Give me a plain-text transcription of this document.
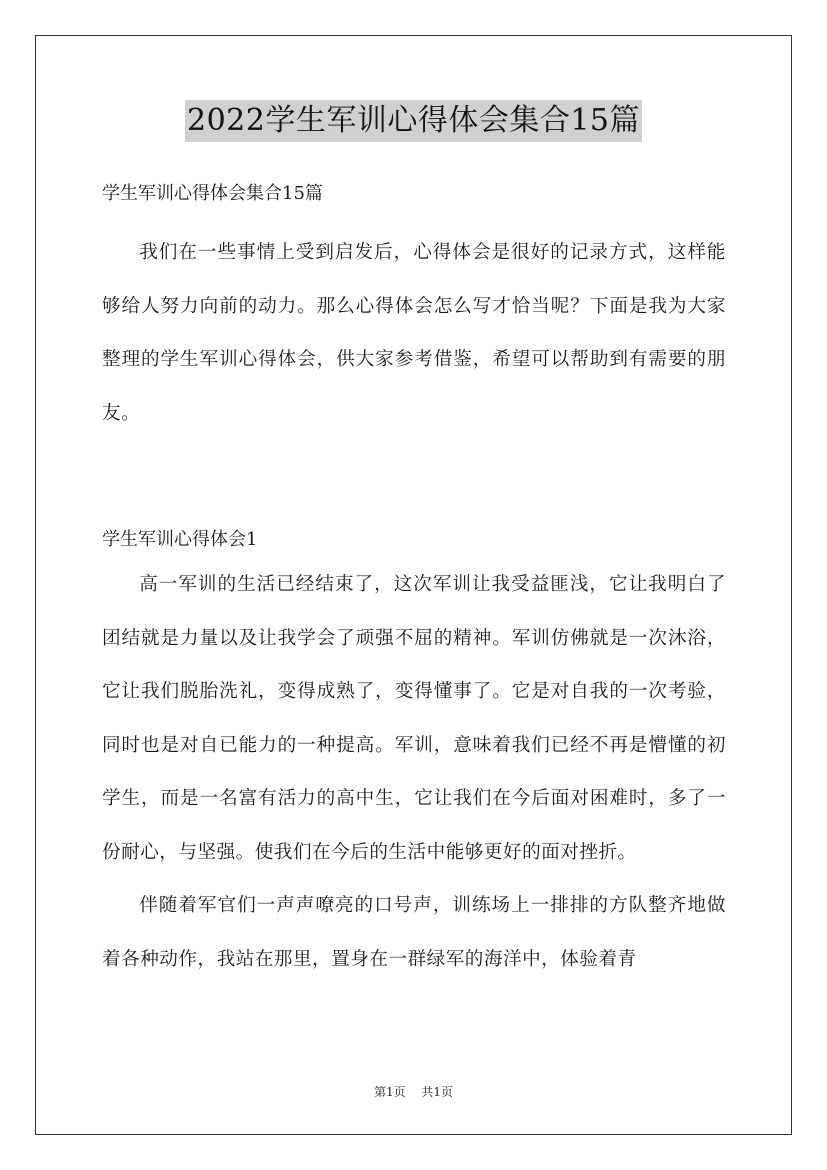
2022学生军训心得体会集合15篇

学生军训心得体会集合15篇

我们在一些事情上受到启发后，心得体会是很好的记录方式，这样能够给人努力向前的动力。那么心得体会怎么写才恰当呢？下面是我为大家整理的学生军训心得体会，供大家参考借鉴，希望可以帮助到有需要的朋友。

学生军训心得体会1

高一军训的生活已经结束了，这次军训让我受益匪浅，它让我明白了团结就是力量以及让我学会了顽强不屈的精神。军训仿佛就是一次沐浴，它让我们脱胎洗礼，变得成熟了，变得懂事了。它是对自我的一次考验，同时也是对自已能力的一种提高。军训，意味着我们已经不再是懵懂的初学生，而是一名富有活力的高中生，它让我们在今后面对困难时，多了一份耐心，与坚强。使我们在今后的生活中能够更好的面对挫折。

伴随着军官们一声声嘹亮的口号声，训练场上一排排的方队整齐地做着各种动作，我站在那里，置身在一群绿军的海洋中，体验着青

第1页 共1页
